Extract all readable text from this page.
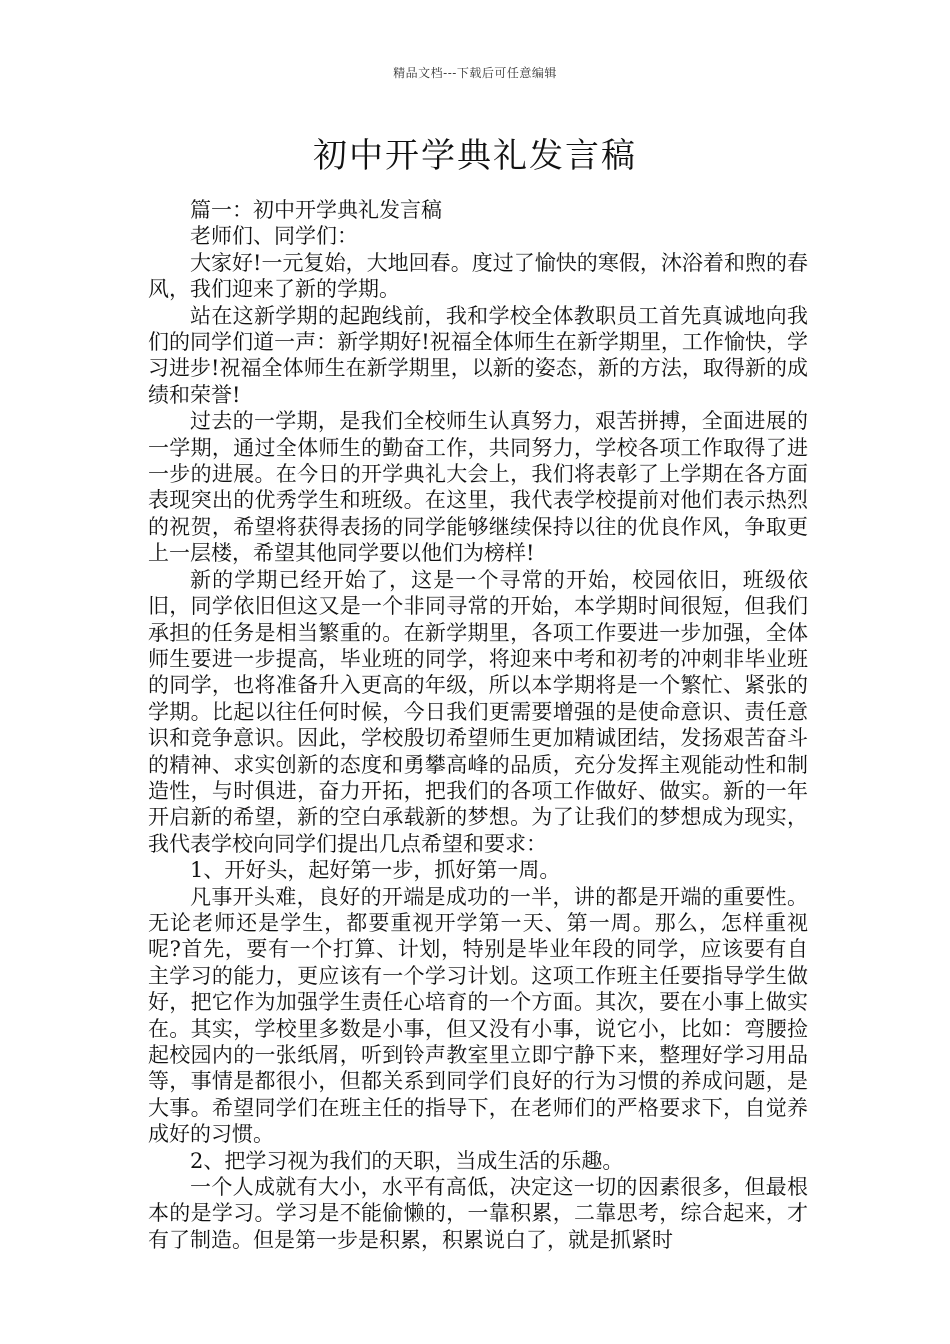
精品文档---下载后可任意编辑
初中开学典礼发言稿

篇一：初中开学典礼发言稿

老师们、同学们：

大家好!一元复始，大地回春。度过了愉快的寒假，沐浴着和煦的春风，我们迎来了新的学期。

站在这新学期的起跑线前，我和学校全体教职员工首先真诚地向我们的同学们道一声：新学期好!祝福全体师生在新学期里，工作愉快，学习进步!祝福全体师生在新学期里，以新的姿态，新的方法，取得新的成绩和荣誉!

过去的一学期，是我们全校师生认真努力，艰苦拼搏，全面进展的一学期，通过全体师生的勤奋工作，共同努力，学校各项工作取得了进一步的进展。在今日的开学典礼大会上，我们将表彰了上学期在各方面表现突出的优秀学生和班级。在这里，我代表学校提前对他们表示热烈的祝贺，希望将获得表扬的同学能够继续保持以往的优良作风，争取更上一层楼，希望其他同学要以他们为榜样!

新的学期已经开始了，这是一个寻常的开始，校园依旧，班级依旧，同学依旧但这又是一个非同寻常的开始，本学期时间很短，但我们承担的任务是相当繁重的。在新学期里，各项工作要进一步加强，全体师生要进一步提高，毕业班的同学，将迎来中考和初考的冲刺非毕业班的同学，也将准备升入更高的年级，所以本学期将是一个繁忙、紧张的学期。比起以往任何时候，今日我们更需要增强的是使命意识、责任意识和竞争意识。因此，学校殷切希望师生更加精诚团结，发扬艰苦奋斗的精神、求实创新的态度和勇攀高峰的品质，充分发挥主观能动性和制造性，与时俱进，奋力开拓，把我们的各项工作做好、做实。新的一年开启新的希望，新的空白承载新的梦想。为了让我们的梦想成为现实，我代表学校向同学们提出几点希望和要求：

1、开好头，起好第一步，抓好第一周。

凡事开头难，良好的开端是成功的一半，讲的都是开端的重要性。无论老师还是学生，都要重视开学第一天、第一周。那么，怎样重视呢?首先，要有一个打算、计划，特别是毕业年段的同学，应该要有自主学习的能力，更应该有一个学习计划。这项工作班主任要指导学生做好，把它作为加强学生责任心培育的一个方面。其次，要在小事上做实在。其实，学校里多数是小事，但又没有小事，说它小，比如：弯腰捡起校园内的一张纸屑，听到铃声教室里立即宁静下来，整理好学习用品等，事情是都很小，但都关系到同学们良好的行为习惯的养成问题，是大事。希望同学们在班主任的指导下，在老师们的严格要求下，自觉养成好的习惯。

2、把学习视为我们的天职，当成生活的乐趣。

一个人成就有大小，水平有高低，决定这一切的因素很多，但最根本的是学习。学习是不能偷懒的，一靠积累，二靠思考，综合起来，才有了制造。但是第一步是积累，积累说白了，就是抓紧时
